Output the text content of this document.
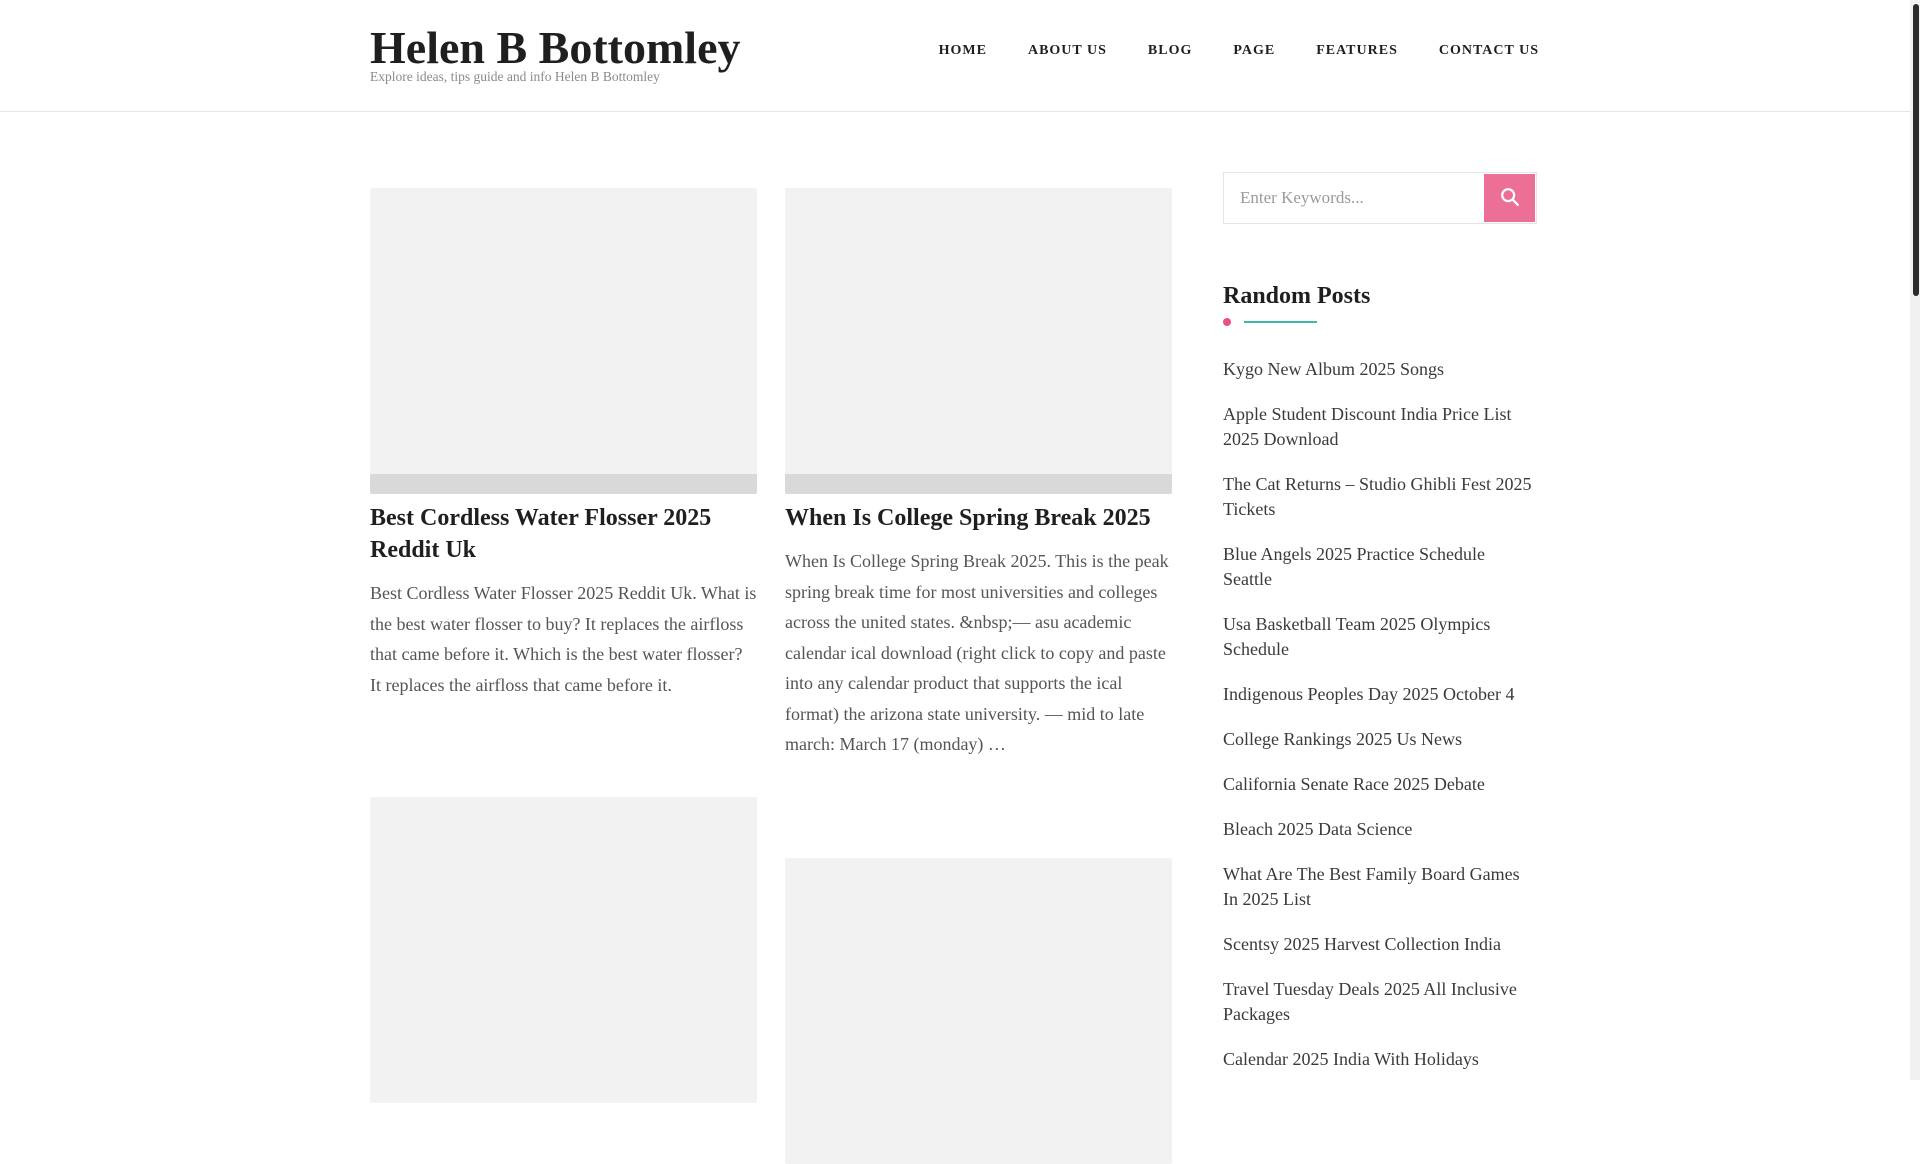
Helen B Bottomley

Explore ideas, tips guide and info Helen B Bottomley

HOME	ABOUT US	BLOG	PAGE	FEATURES	CONTACT US
Best Cordless Water Flosser 2025 Reddit Uk

Best Cordless Water Flosser 2025 Reddit Uk. What is the best water flosser to buy? It replaces the airfloss that came before it. Which is the best water flosser? It replaces the airfloss that came before it.

When Is College Spring Break 2025

When Is College Spring Break 2025. This is the peak spring break time for most universities and colleges across the united states. &nbsp;— asu academic calendar ical download (right click to copy and paste into any calendar product that supports the ical format) the arizona state university. — mid to late march: March 17 (monday) …

Enter Keywords...
Random Posts
Kygo New Album 2025 Songs
Apple Student Discount India Price List 2025 Download
The Cat Returns – Studio Ghibli Fest 2025 Tickets
Blue Angels 2025 Practice Schedule Seattle
Usa Basketball Team 2025 Olympics Schedule
Indigenous Peoples Day 2025 October 4
College Rankings 2025 Us News
California Senate Race 2025 Debate
Bleach 2025 Data Science
What Are The Best Family Board Games In 2025 List
Scentsy 2025 Harvest Collection India
Travel Tuesday Deals 2025 All Inclusive Packages
Calendar 2025 India With Holidays
